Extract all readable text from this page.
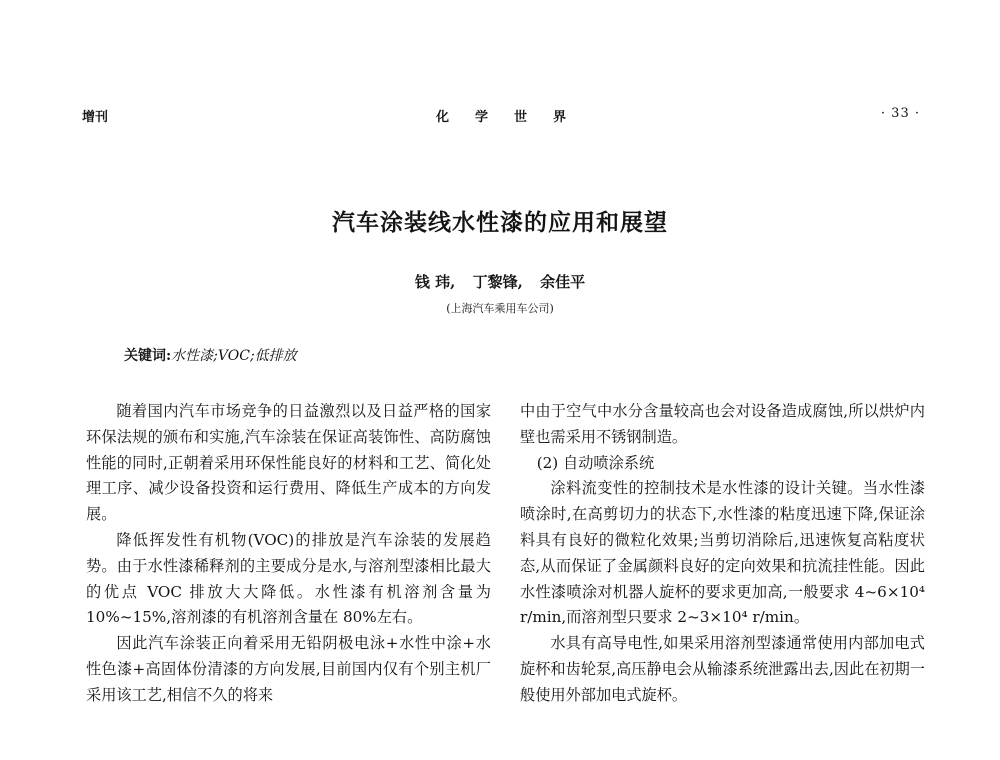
增刊	化学世界	· 33 ·
汽车涂装线水性漆的应用和展望
钱 玮, 丁黎锋, 余佳平
(上海汽车乘用车公司)
关键词:水性漆;VOC;低排放

随着国内汽车市场竞争的日益激烈以及日益严格的国家环保法规的颁布和实施,汽车涂装在保证高装饰性、高防腐蚀性能的同时,正朝着采用环保性能良好的材料和工艺、简化处理工序、减少设备投资和运行费用、降低生产成本的方向发展。

降低挥发性有机物(VOC)的排放是汽车涂装的发展趋势。由于水性漆稀释剂的主要成分是水,与溶剂型漆相比最大的优点 VOC 排放大大降低。水性漆有机溶剂含量为 10%~15%,溶剂漆的有机溶剂含量在 80%左右。

因此汽车涂装正向着采用无铅阴极电泳+水性中涂+水性色漆+高固体份清漆的方向发展,目前国内仅有个别主机厂采用该工艺,相信不久的将来

中由于空气中水分含量较高也会对设备造成腐蚀,所以烘炉内壁也需采用不锈钢制造。

(2) 自动喷涂系统

涂料流变性的控制技术是水性漆的设计关键。当水性漆喷涂时,在高剪切力的状态下,水性漆的粘度迅速下降,保证涂料具有良好的微粒化效果;当剪切消除后,迅速恢复高粘度状态,从而保证了金属颜料良好的定向效果和抗流挂性能。因此水性漆喷涂对机器人旋杯的要求更加高,一般要求 4~6×10⁴ r/min,而溶剂型只要求 2~3×10⁴ r/min。

水具有高导电性,如果采用溶剂型漆通常使用内部加电式旋杯和齿轮泵,高压静电会从输漆系统泄露出去,因此在初期一般使用外部加电式旋杯。
